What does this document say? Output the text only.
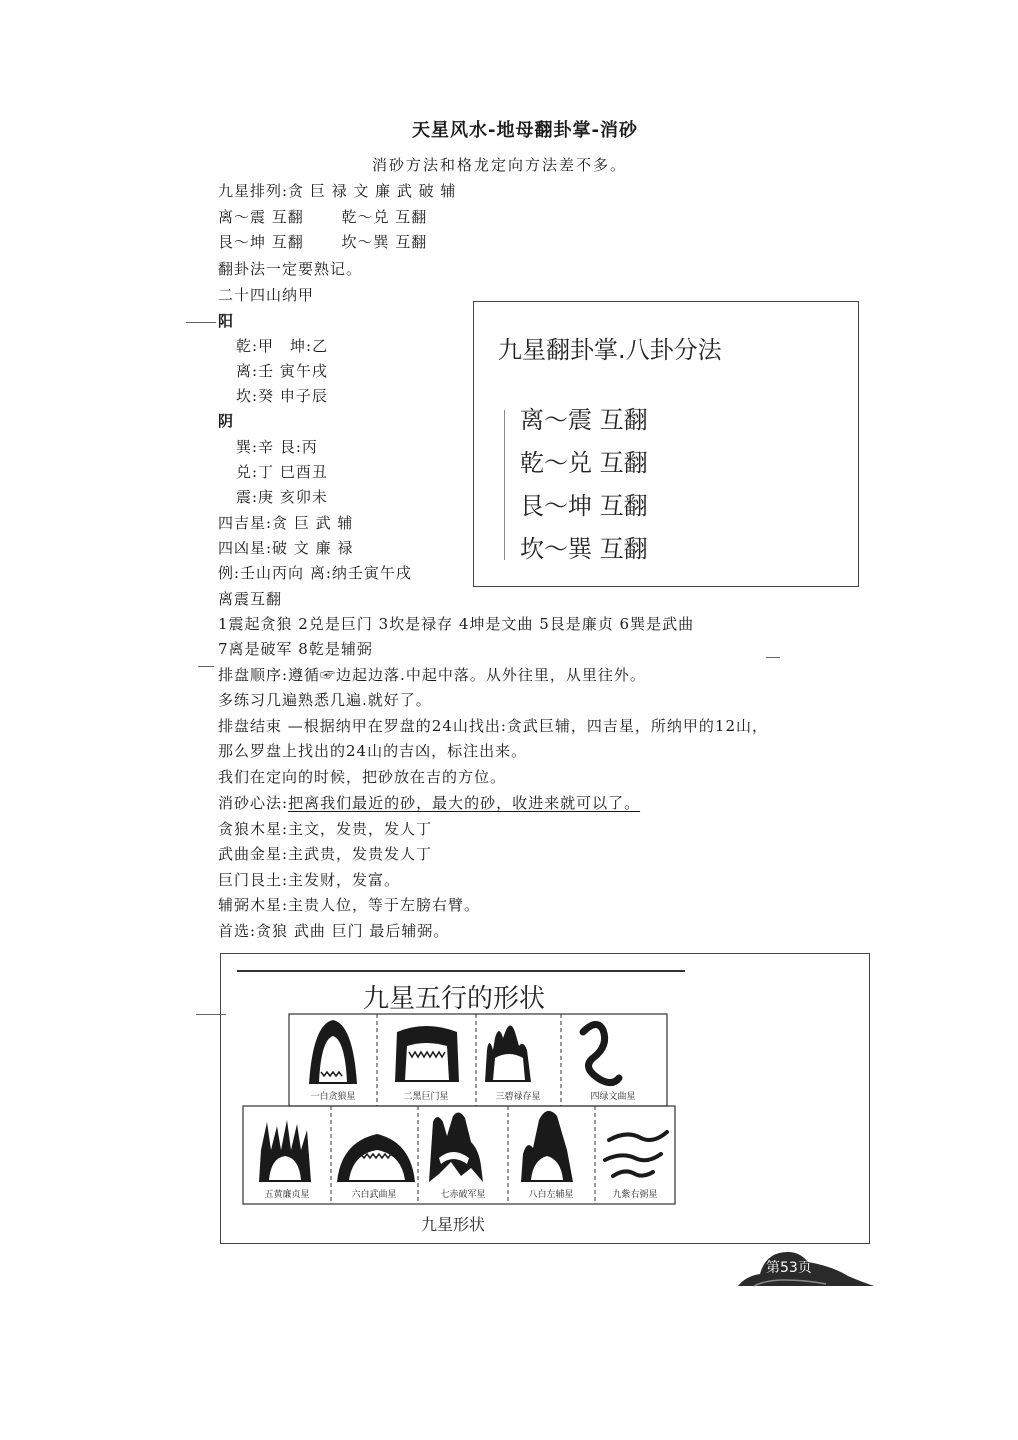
天星风水-地母翻卦掌-消砂
消砂方法和格龙定向方法差不多。
九星排列:贪 巨 禄 文 廉 武 破 辅
离～震 互翻　　 乾～兑 互翻
艮～坤 互翻　　 坎～巽 互翻
翻卦法一定要熟记。
二十四山纳甲
阳
乾:甲　坤:乙
离:壬 寅午戌
坎:癸 申子辰
阴
巽:辛 艮:丙
兑:丁 巳酉丑
震:庚 亥卯未
四吉星:贪 巨 武 辅
四凶星:破 文 廉 禄
例:壬山丙向 离:纳壬寅午戌
离震互翻
1震起贪狼 2兑是巨门 3坎是禄存 4坤是文曲 5艮是廉贞 6巽是武曲
7离是破军 8乾是辅弼
排盘顺序:遵循☞边起边落.中起中落。从外往里，从里往外。
多练习几遍熟悉几遍.就好了。
排盘结束 —根据纳甲在罗盘的24山找出:贪武巨辅，四吉星，所纳甲的12山，
那么罗盘上找出的24山的吉凶，标注出来。
我们在定向的时候，把砂放在吉的方位。
消砂心法:把离我们最近的砂，最大的砂，收进来就可以了。
贪狼木星:主文，发贵，发人丁
武曲金星:主武贵，发贵发人丁
巨门艮土:主发财，发富。
辅弼木星:主贵人位，等于左膀右臂。
首选:贪狼 武曲 巨门 最后辅弼。
九星翻卦掌.八卦分法
离～震 互翻
乾～兑 互翻
艮～坤 互翻
坎～巽 互翻
九星五行的形状
一白贪狼星	二黑巨门星	三碧禄存星	四绿文曲星
五黄廉贞星	六白武曲星	七赤破军星	八白左辅星	九紫右弼星
九星形状
第53页
